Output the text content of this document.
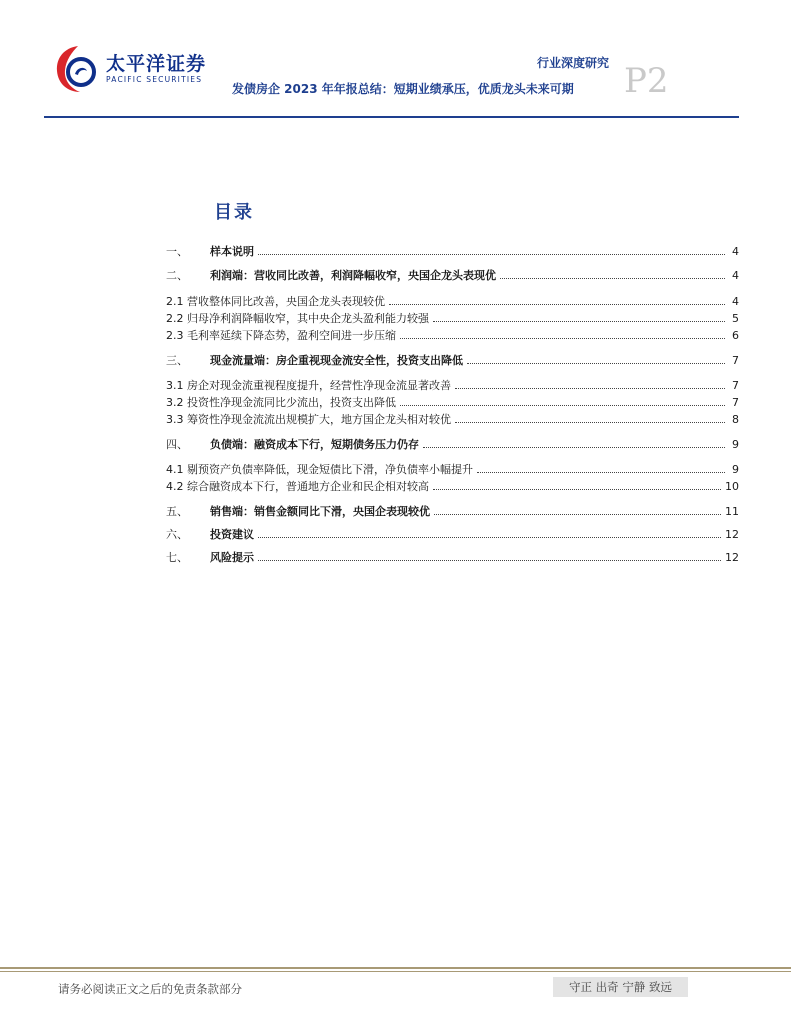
太平洋证券
PACIFIC SECURITIES
行业深度研究
发债房企 2023 年年报总结：短期业绩承压，优质龙头未来可期 P2
目录
一、	样本说明	4
二、	利润端：营收同比改善，利润降幅收窄，央国企龙头表现优	4
2.1 营收整体同比改善，央国企龙头表现较优	4
2.2 归母净利润降幅收窄，其中央企龙头盈利能力较强	5
2.3 毛利率延续下降态势，盈利空间进一步压缩	6
三、	现金流量端：房企重视现金流安全性，投资支出降低	7
3.1 房企对现金流重视程度提升，经营性净现金流显著改善	7
3.2 投资性净现金流同比少流出，投资支出降低	7
3.3 筹资性净现金流流出规模扩大，地方国企龙头相对较优	8
四、	负债端：融资成本下行，短期债务压力仍存	9
4.1 剔预资产负债率降低，现金短债比下滑，净负债率小幅提升	9
4.2 综合融资成本下行，普通地方企业和民企相对较高	10
五、	销售端：销售金额同比下滑，央国企表现较优	11
六、	投资建议	12
七、	风险提示	12
请务必阅读正文之后的免责条款部分	守正 出奇 宁静 致远
